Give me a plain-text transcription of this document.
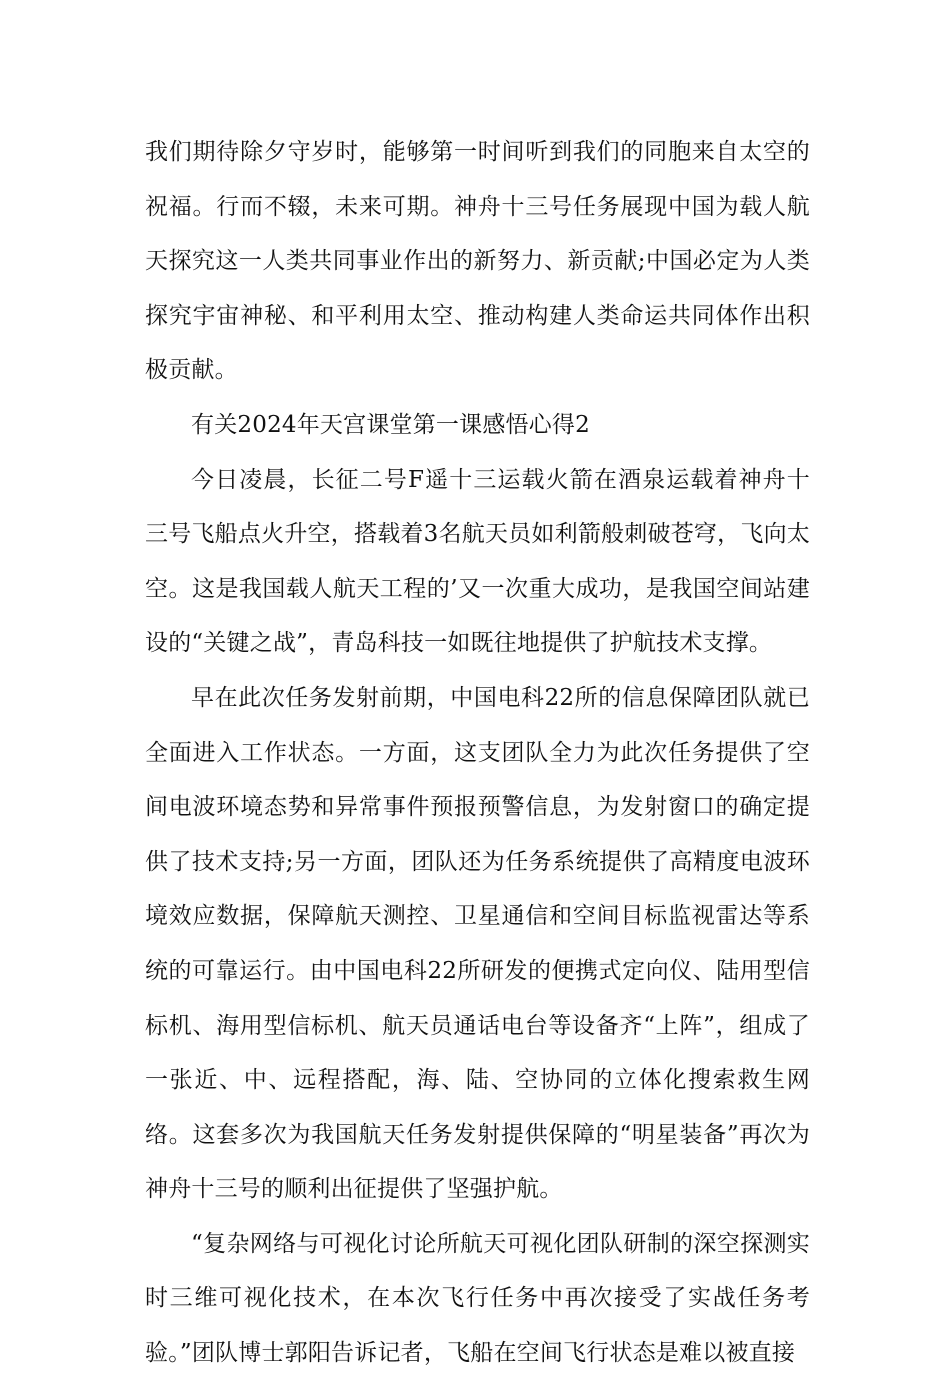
我们期待除夕守岁时，能够第一时间听到我们的同胞来自太空的祝福。行而不辍，未来可期。神舟十三号任务展现中国为载人航天探究这一人类共同事业作出的新努力、新贡献;中国必定为人类探究宇宙神秘、和平利用太空、推动构建人类命运共同体作出积极贡献。

有关2024年天宫课堂第一课感悟心得2

今日凌晨，长征二号F遥十三运载火箭在酒泉运载着神舟十三号飞船点火升空，搭载着3名航天员如利箭般刺破苍穹，飞向太空。这是我国载人航天工程的’又一次重大成功，是我国空间站建设的“关键之战”，青岛科技一如既往地提供了护航技术支撑。

早在此次任务发射前期，中国电科22所的信息保障团队就已全面进入工作状态。一方面，这支团队全力为此次任务提供了空间电波环境态势和异常事件预报预警信息，为发射窗口的确定提供了技术支持;另一方面，团队还为任务系统提供了高精度电波环境效应数据，保障航天测控、卫星通信和空间目标监视雷达等系统的可靠运行。由中国电科22所研发的便携式定向仪、陆用型信标机、海用型信标机、航天员通话电台等设备齐“上阵”，组成了一张近、中、远程搭配，海、陆、空协同的立体化搜索救生网络。这套多次为我国航天任务发射提供保障的“明星装备”再次为神舟十三号的顺利出征提供了坚强护航。

“复杂网络与可视化讨论所航天可视化团队研制的深空探测实时三维可视化技术，在本次飞行任务中再次接受了实战任务考验。”团队博士郭阳告诉记者，飞船在空间飞行状态是难以被直接
